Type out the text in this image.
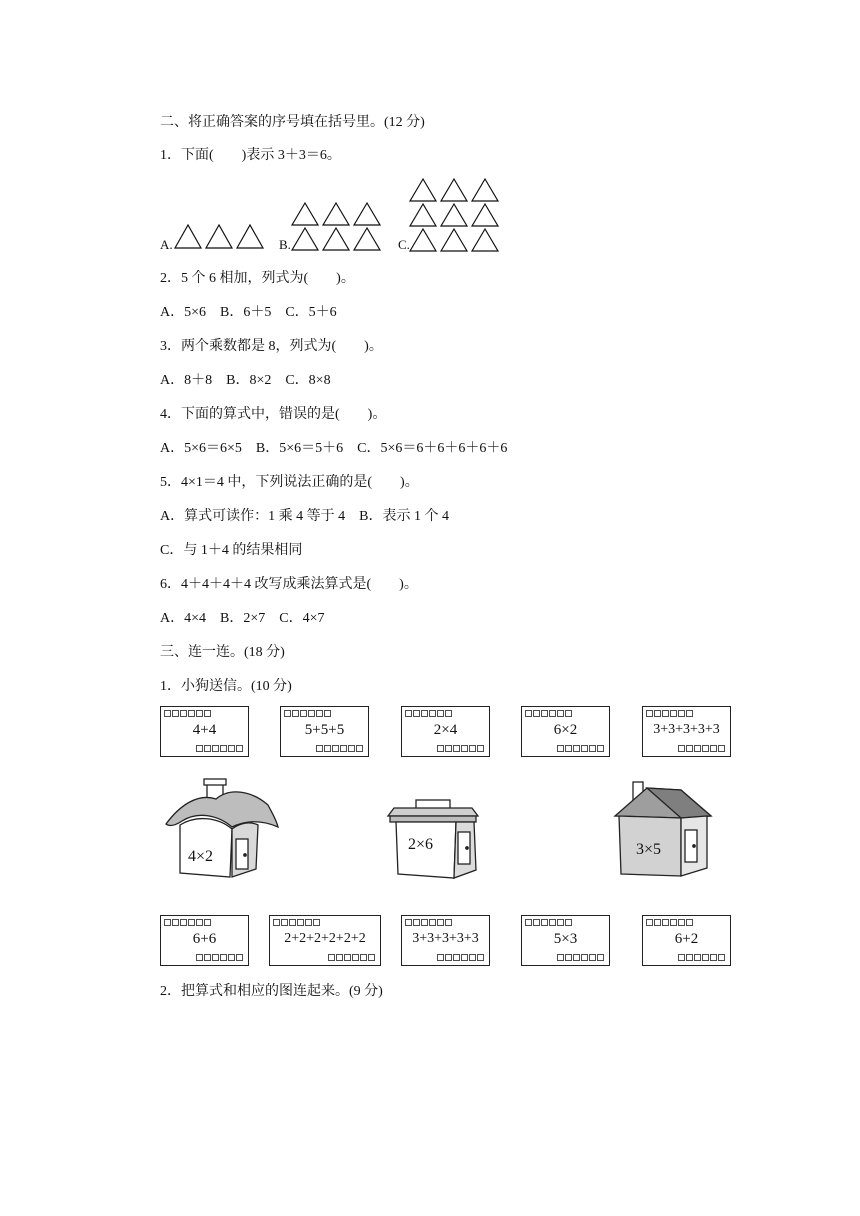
二、将正确答案的序号填在括号里。(12 分)
1．下面(　　)表示 3＋3＝6。
A.	B.	C.
2．5 个 6 相加，列式为(　　)。
A．5×6　B．6＋5　C．5＋6
3．两个乘数都是 8，列式为(　　)。
A．8＋8　B．8×2　C．8×8
4．下面的算式中，错误的是(　　)。
A．5×6＝6×5　B．5×6＝5＋6　C．5×6＝6＋6＋6＋6＋6
5．4×1＝4 中，下列说法正确的是(　　)。
A．算式可读作：1 乘 4 等于 4　B．表示 1 个 4
C．与 1＋4 的结果相同
6．4＋4＋4＋4 改写成乘法算式是(　　)。
A．4×4　B．2×7　C．4×7
三、连一连。(18 分)
1．小狗送信。(10 分)
4+4	5+5+5	2×4	6×2	3+3+3+3+3
4×2
2×6	3×5
6+6	2+2+2+2+2+2	3+3+3+3+3	5×3	6+2
2．把算式和相应的图连起来。(9 分)
